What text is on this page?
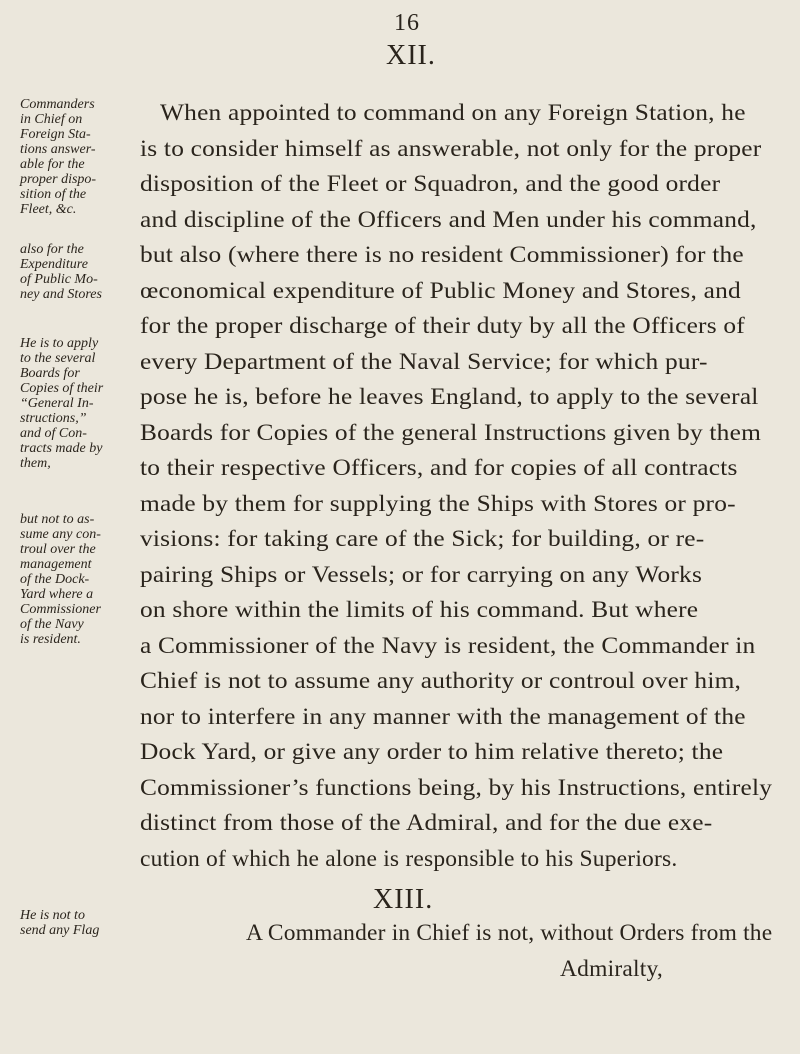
16
XII.
Commanders
in Chief on
Foreign Sta-
tions answer-
able for the
proper dispo-
sition of the
Fleet, &c.
also for the
Expenditure
of Public Mo-
ney and Stores
He is to apply
to the several
Boards for
Copies of their
“General In-
structions,”
and of Con-
tracts made by
them,
but not to as-
sume any con-
troul over the
management
of the Dock-
Yard where a
Commissioner
of the Navy
is resident.
He is not to
send any Flag
When appointed to command on any Foreign Station, he
is to consider himself as answerable, not only for the proper
disposition of the Fleet or Squadron, and the good order
and discipline of the Officers and Men under his command,
but also (where there is no resident Commissioner) for the
œconomical expenditure of Public Money and Stores, and
for the proper discharge of their duty by all the Officers of
every Department of the Naval Service; for which pur-
pose he is, before he leaves England, to apply to the several
Boards for Copies of the general Instructions given by them
to their respective Officers, and for copies of all contracts
made by them for supplying the Ships with Stores or pro-
visions: for taking care of the Sick; for building, or re-
pairing Ships or Vessels; or for carrying on any Works
on shore within the limits of his command. But where
a Commissioner of the Navy is resident, the Commander in
Chief is not to assume any authority or controul over him,
nor to interfere in any manner with the management of the
Dock Yard, or give any order to him relative thereto; the
Commissioner’s functions being, by his Instructions, entirely
distinct from those of the Admiral, and for the due exe-
cution of which he alone is responsible to his Superiors.
XIII.
A Commander in Chief is not, without Orders from the
Admiralty,
